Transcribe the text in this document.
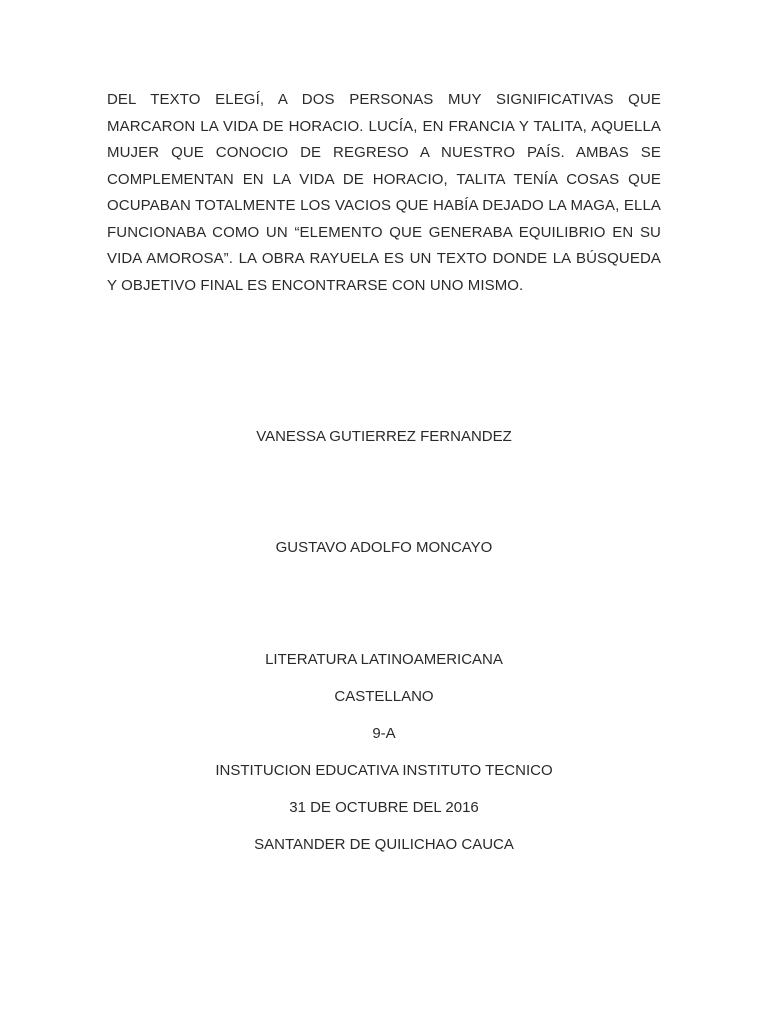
DEL TEXTO ELEGÍ, A DOS PERSONAS MUY SIGNIFICATIVAS QUE MARCARON LA VIDA DE HORACIO. LUCÍA, EN FRANCIA Y TALITA, AQUELLA MUJER QUE CONOCIO DE REGRESO A NUESTRO PAÍS. AMBAS SE COMPLEMENTAN EN LA VIDA DE HORACIO, TALITA TENÍA COSAS QUE OCUPABAN TOTALMENTE LOS VACIOS QUE HABÍA DEJADO LA MAGA, ELLA FUNCIONABA COMO UN “ELEMENTO QUE GENERABA EQUILIBRIO EN SU VIDA AMOROSA”. LA OBRA RAYUELA ES UN TEXTO DONDE LA BÚSQUEDA Y OBJETIVO FINAL ES ENCONTRARSE CON UNO MISMO.

VANESSA GUTIERREZ FERNANDEZ

GUSTAVO ADOLFO MONCAYO

LITERATURA LATINOAMERICANA

CASTELLANO

9-A

INSTITUCION EDUCATIVA INSTITUTO TECNICO

31 DE OCTUBRE DEL 2016

SANTANDER DE QUILICHAO CAUCA
